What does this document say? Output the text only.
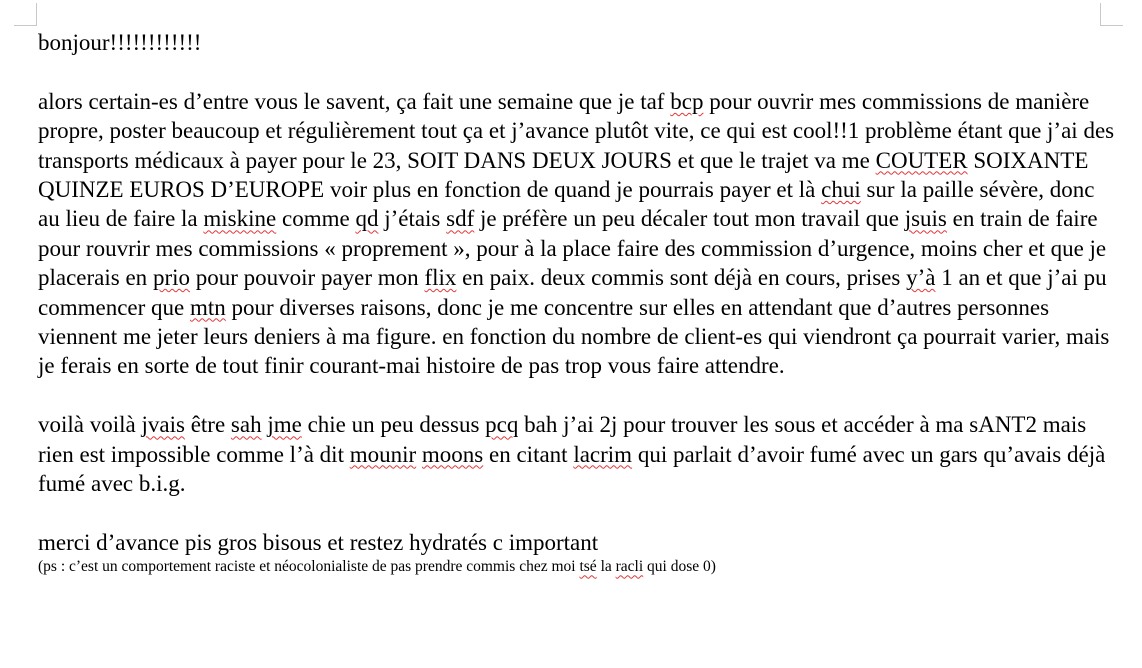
bonjour!!!!!!!!!!!!

alors certain-es d’entre vous le savent, ça fait une semaine que je taf bcp pour ouvrir mes commissions de manière propre, poster beaucoup et régulièrement tout ça et j’avance plutôt vite, ce qui est cool!!1 problème étant que j’ai des transports médicaux à payer pour le 23, SOIT DANS DEUX JOURS et que le trajet va me COUTER SOIXANTE QUINZE EUROS D’EUROPE voir plus en fonction de quand je pourrais payer et là chui sur la paille sévère, donc au lieu de faire la miskine comme qd j’étais sdf je préfère un peu décaler tout mon travail que jsuis en train de faire pour rouvrir mes commissions « proprement », pour à la place faire des commission d’urgence, moins cher et que je placerais en prio pour pouvoir payer mon flix en paix. deux commis sont déjà en cours, prises y’à 1 an et que j’ai pu commencer que mtn pour diverses raisons, donc je me concentre sur elles en attendant que d’autres personnes viennent me jeter leurs deniers à ma figure. en fonction du nombre de client-es qui viendront ça pourrait varier, mais je ferais en sorte de tout finir courant-mai histoire de pas trop vous faire attendre.

voilà voilà jvais être sah jme chie un peu dessus pcq bah j’ai 2j pour trouver les sous et accéder à ma sANT2 mais rien est impossible comme l’à dit mounir moons en citant lacrim qui parlait d’avoir fumé avec un gars qu’avais déjà fumé avec b.i.g.

merci d’avance pis gros bisous et restez hydratés c important

(ps : c’est un comportement raciste et néocolonialiste de pas prendre commis chez moi tsé la racli qui dose 0)
